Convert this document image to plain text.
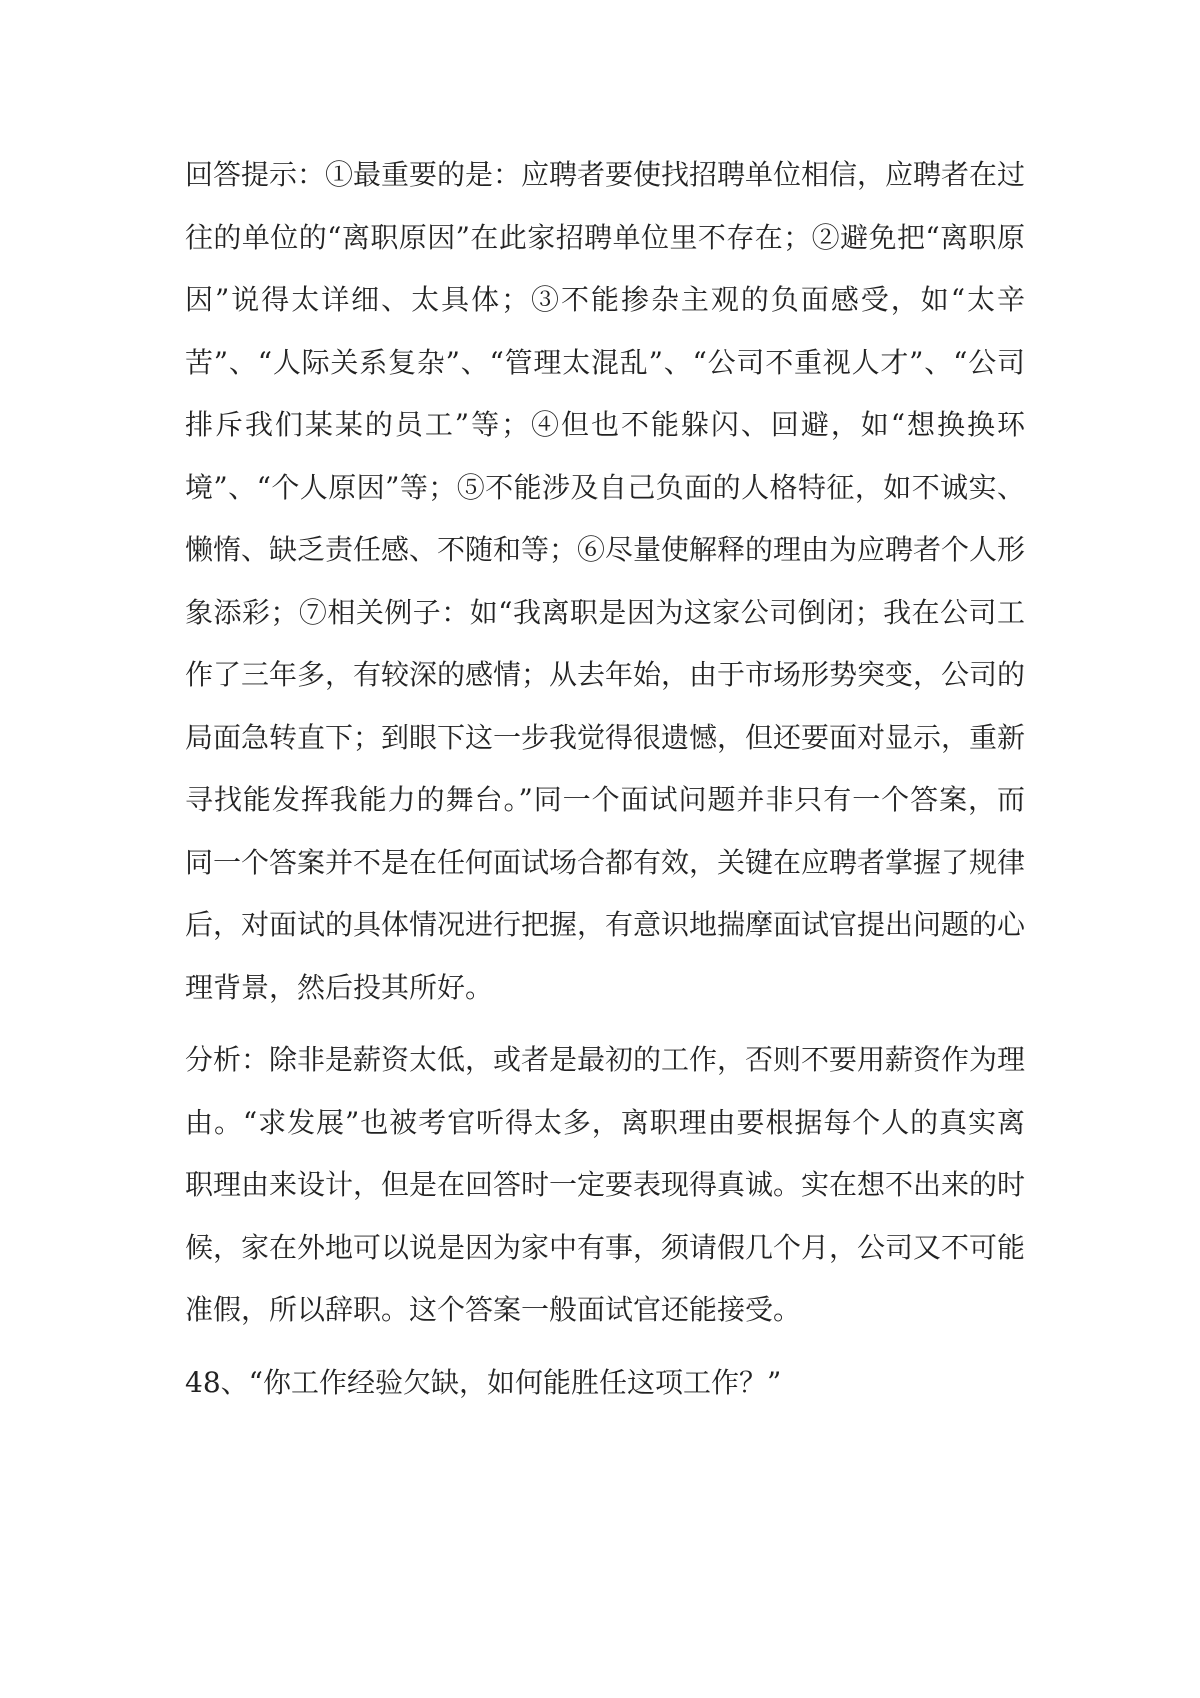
回答提示：①最重要的是：应聘者要使找招聘单位相信，应聘者在过往的单位的“离职原因”在此家招聘单位里不存在；②避免把“离职原因”说得太详细、太具体；③不能掺杂主观的负面感受，如“太辛苦”、“人际关系复杂”、“管理太混乱”、“公司不重视人才”、“公司排斥我们某某的员工”等；④但也不能躲闪、回避，如“想换换环境”、“个人原因”等；⑤不能涉及自己负面的人格特征，如不诚实、懒惰、缺乏责任感、不随和等；⑥尽量使解释的理由为应聘者个人形象添彩；⑦相关例子：如“我离职是因为这家公司倒闭；我在公司工作了三年多，有较深的感情；从去年始，由于市场形势突变，公司的局面急转直下；到眼下这一步我觉得很遗憾，但还要面对显示，重新寻找能发挥我能力的舞台。”同一个面试问题并非只有一个答案，而同一个答案并不是在任何面试场合都有效，关键在应聘者掌握了规律后，对面试的具体情况进行把握，有意识地揣摩面试官提出问题的心理背景，然后投其所好。

分析：除非是薪资太低，或者是最初的工作，否则不要用薪资作为理由。“求发展”也被考官听得太多，离职理由要根据每个人的真实离职理由来设计，但是在回答时一定要表现得真诚。实在想不出来的时候，家在外地可以说是因为家中有事，须请假几个月，公司又不可能准假，所以辞职。这个答案一般面试官还能接受。

48、“你工作经验欠缺，如何能胜任这项工作？”
